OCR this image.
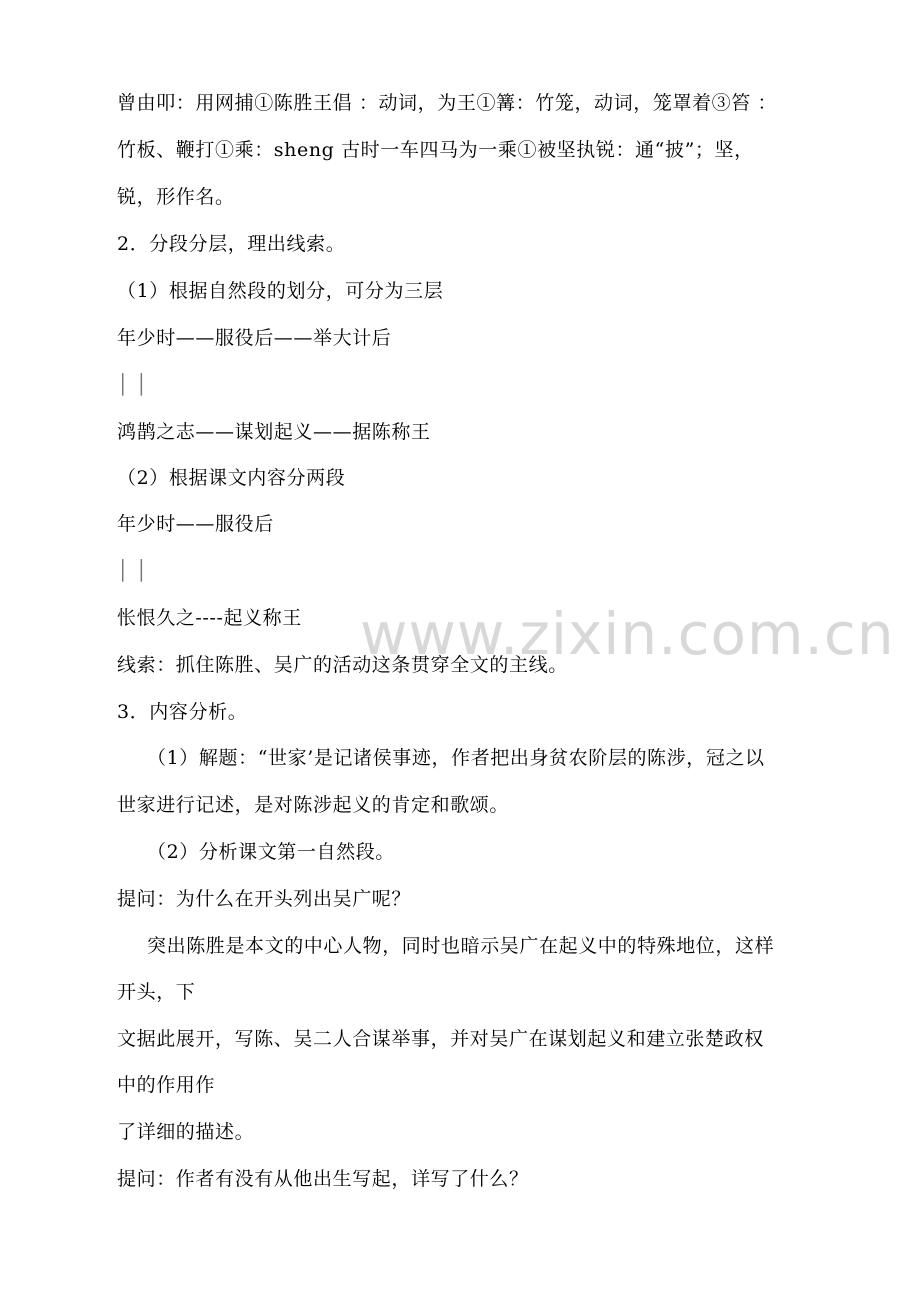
曾由叩：用网捕①陈胜王倡 ：动词，为王①篝：竹笼，动词，笼罩着③笞 ：
竹板、鞭打①乘：sheng 古时一车四马为一乘①被坚执锐：通“披”；坚，
锐，形作名。
2．分段分层，理出线索。
（1）根据自然段的划分，可分为三层
年少时——服役后——举大计后
│ │
鸿鹊之志——谋划起义——据陈称王
（2）根据课文内容分两段
年少时——服役后
│ │
怅恨久之----起义称王
线索：抓住陈胜、吴广的活动这条贯穿全文的主线。
3．内容分析。
（1）解题：“世家’是记诸侯事迹，作者把出身贫农阶层的陈涉，冠之以
世家进行记述，是对陈涉起义的肯定和歌颂。
（2）分析课文第一自然段。
提问：为什么在开头列出吴广呢？
突出陈胜是本文的中心人物，同时也暗示吴广在起义中的特殊地位，这样
开头，下
文据此展开，写陈、吴二人合谋举事，并对吴广在谋划起义和建立张楚政权
中的作用作
了详细的描述。
提问：作者有没有从他出生写起，详写了什么？
www.zixin.com.cn
